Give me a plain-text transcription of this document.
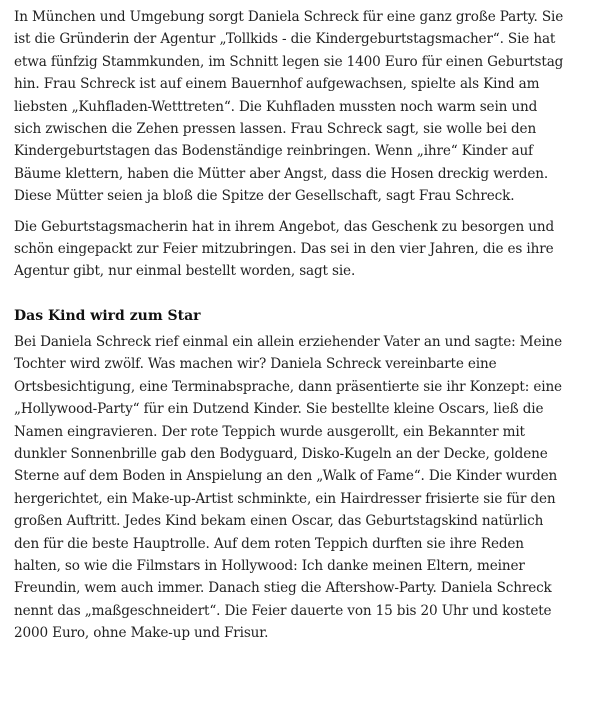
In München und Umgebung sorgt Daniela Schreck für eine ganz große Party. Sie
ist die Gründerin der Agentur „Tollkids - die Kindergeburtstagsmacher“. Sie hat
etwa fünfzig Stammkunden, im Schnitt legen sie 1400 Euro für einen Geburtstag
hin. Frau Schreck ist auf einem Bauernhof aufgewachsen, spielte als Kind am
liebsten „Kuhfladen-Wetttreten“. Die Kuhfladen mussten noch warm sein und
sich zwischen die Zehen pressen lassen. Frau Schreck sagt, sie wolle bei den
Kindergeburtstagen das Bodenständige reinbringen. Wenn „ihre“ Kinder auf
Bäume klettern, haben die Mütter aber Angst, dass die Hosen dreckig werden.
Diese Mütter seien ja bloß die Spitze der Gesellschaft, sagt Frau Schreck.

Die Geburtstagsmacherin hat in ihrem Angebot, das Geschenk zu besorgen und
schön eingepackt zur Feier mitzubringen. Das sei in den vier Jahren, die es ihre
Agentur gibt, nur einmal bestellt worden, sagt sie.

Das Kind wird zum Star

Bei Daniela Schreck rief einmal ein allein erziehender Vater an und sagte: Meine
Tochter wird zwölf. Was machen wir? Daniela Schreck vereinbarte eine
Ortsbesichtigung, eine Terminabsprache, dann präsentierte sie ihr Konzept: eine
„Hollywood-Party“ für ein Dutzend Kinder. Sie bestellte kleine Oscars, ließ die
Namen eingravieren. Der rote Teppich wurde ausgerollt, ein Bekannter mit
dunkler Sonnenbrille gab den Bodyguard, Disko-Kugeln an der Decke, goldene
Sterne auf dem Boden in Anspielung an den „Walk of Fame“. Die Kinder wurden
hergerichtet, ein Make-up-Artist schminkte, ein Hairdresser frisierte sie für den
großen Auftritt. Jedes Kind bekam einen Oscar, das Geburtstagskind natürlich
den für die beste Hauptrolle. Auf dem roten Teppich durften sie ihre Reden
halten, so wie die Filmstars in Hollywood: Ich danke meinen Eltern, meiner
Freundin, wem auch immer. Danach stieg die Aftershow-Party. Daniela Schreck
nennt das „maßgeschneidert“. Die Feier dauerte von 15 bis 20 Uhr und kostete
2000 Euro, ohne Make-up und Frisur.
